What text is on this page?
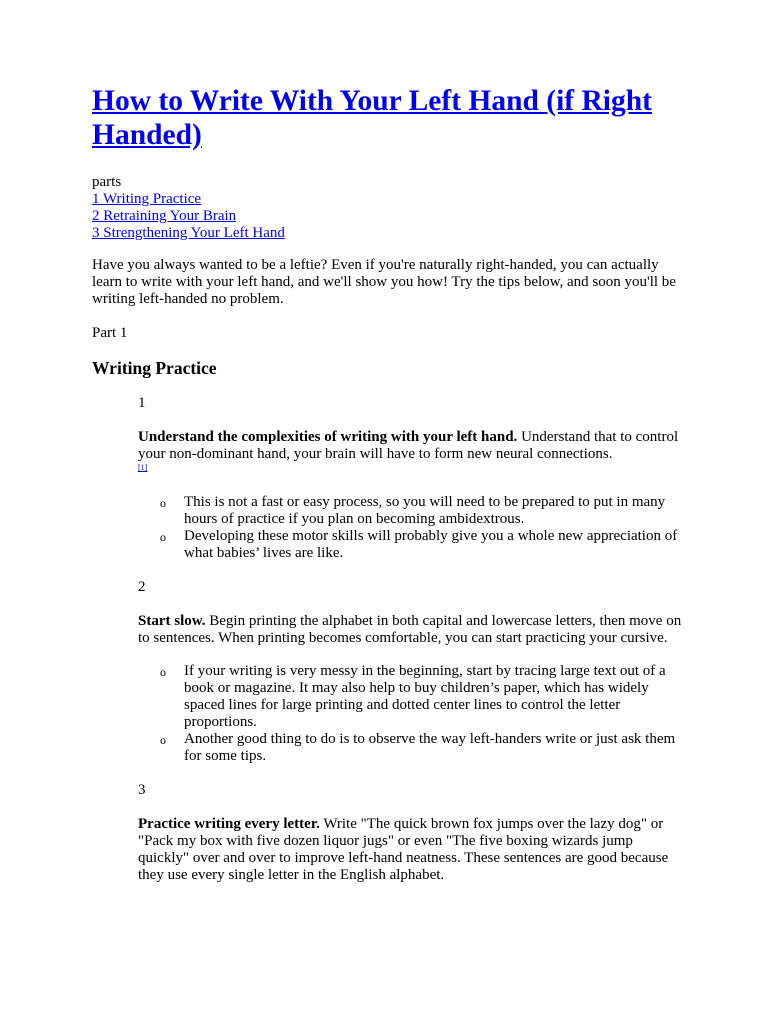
How to Write With Your Left Hand (if Right Handed)
parts
1 Writing Practice
2 Retraining Your Brain
3 Strengthening Your Left Hand

Have you always wanted to be a leftie? Even if you're naturally right-handed, you can actually learn to write with your left hand, and we'll show you how! Try the tips below, and soon you'll be writing left-handed no problem.

Part 1

Writing Practice
1
Understand the complexities of writing with your left hand. Understand that to control your non-dominant hand, your brain will have to form new neural connections.
[1]
o This is not a fast or easy process, so you will need to be prepared to put in many hours of practice if you plan on becoming ambidextrous.
o Developing these motor skills will probably give you a whole new appreciation of what babies’ lives are like.
2
Start slow. Begin printing the alphabet in both capital and lowercase letters, then move on to sentences. When printing becomes comfortable, you can start practicing your cursive.
o If your writing is very messy in the beginning, start by tracing large text out of a book or magazine. It may also help to buy children’s paper, which has widely spaced lines for large printing and dotted center lines to control the letter proportions.
o Another good thing to do is to observe the way left-handers write or just ask them for some tips.
3
Practice writing every letter. Write "The quick brown fox jumps over the lazy dog" or "Pack my box with five dozen liquor jugs" or even "The five boxing wizards jump quickly" over and over to improve left-hand neatness. These sentences are good because they use every single letter in the English alphabet.
